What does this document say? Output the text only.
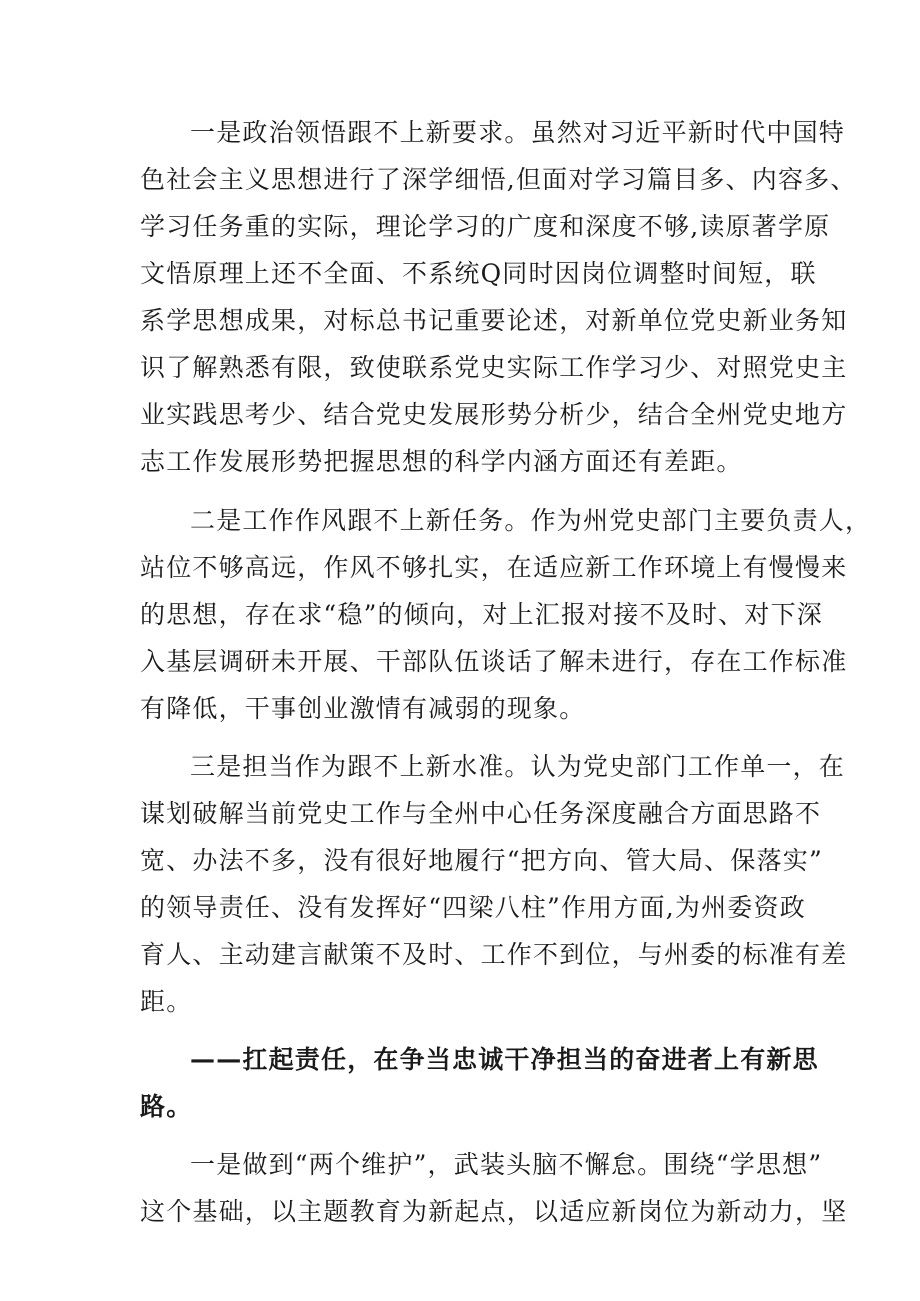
一是政治领悟跟不上新要求。虽然对习近平新时代中国特
色社会主义思想进行了深学细悟,但面对学习篇目多、内容多、
学习任务重的实际，理论学习的广度和深度不够,读原著学原
文悟原理上还不全面、不系统Q同时因岗位调整时间短，联
系学思想成果，对标总书记重要论述，对新单位党史新业务知
识了解熟悉有限，致使联系党史实际工作学习少、对照党史主
业实践思考少、结合党史发展形势分析少，结合全州党史地方
志工作发展形势把握思想的科学内涵方面还有差距。
二是工作作风跟不上新任务。作为州党史部门主要负责人，
站位不够高远，作风不够扎实，在适应新工作环境上有慢慢来
的思想，存在求“稳”的倾向，对上汇报对接不及时、对下深
入基层调研未开展、干部队伍谈话了解未进行，存在工作标准
有降低，干事创业激情有减弱的现象。
三是担当作为跟不上新水准。认为党史部门工作单一，在
谋划破解当前党史工作与全州中心任务深度融合方面思路不
宽、办法不多，没有很好地履行“把方向、管大局、保落实”
的领导责任、没有发挥好“四梁八柱”作用方面,为州委资政
育人、主动建言献策不及时、工作不到位，与州委的标准有差
距。
——扛起责任，在争当忠诚干净担当的奋进者上有新思
路。
一是做到“两个维护”，武装头脑不懈怠。围绕“学思想”
这个基础，以主题教育为新起点，以适应新岗位为新动力，坚
